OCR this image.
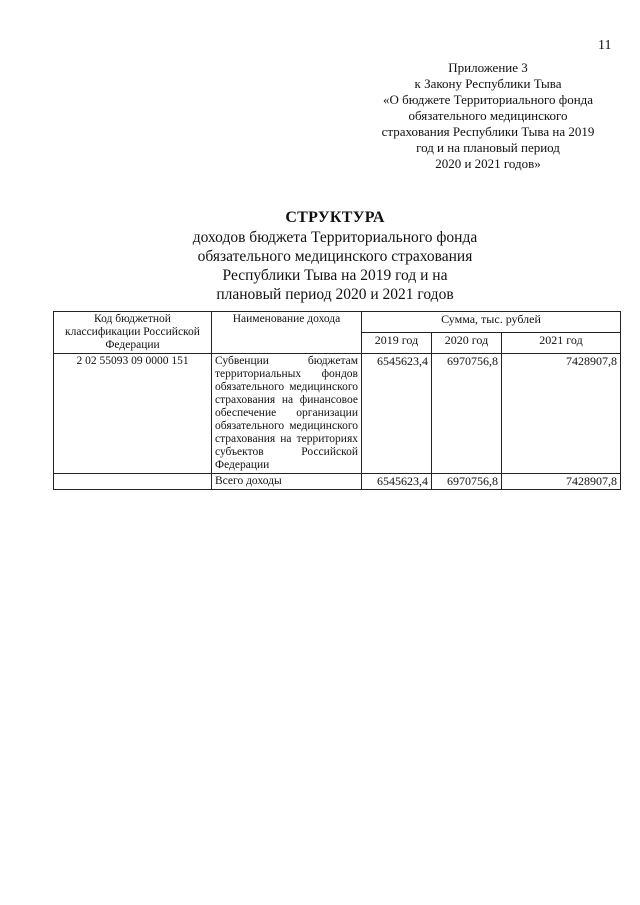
11
Приложение 3
к Закону Республики Тыва
«О бюджете Территориального фонда
обязательного медицинского
страхования Республики Тыва на 2019
год и на плановый период
2020 и 2021 годов»
СТРУКТУРА
доходов бюджета Территориального фонда
обязательного медицинского страхования
Республики Тыва на 2019 год и на
плановый период 2020 и 2021 годов
Код бюджетной классификации Российской Федерации	Наименование дохода	Сумма, тыс. рублей		
		2019 год	2020 год	2021 год
2 02 55093 09 0000 151	Субвенции бюджетам территориальных фондов обязательного медицинского страхования на финансовое обеспечение организации обязательного медицинского страхования на территориях субъектов Российской Федерации	6545623,4	6970756,8	7428907,8
	Всего доходы	6545623,4	6970756,8	7428907,8
